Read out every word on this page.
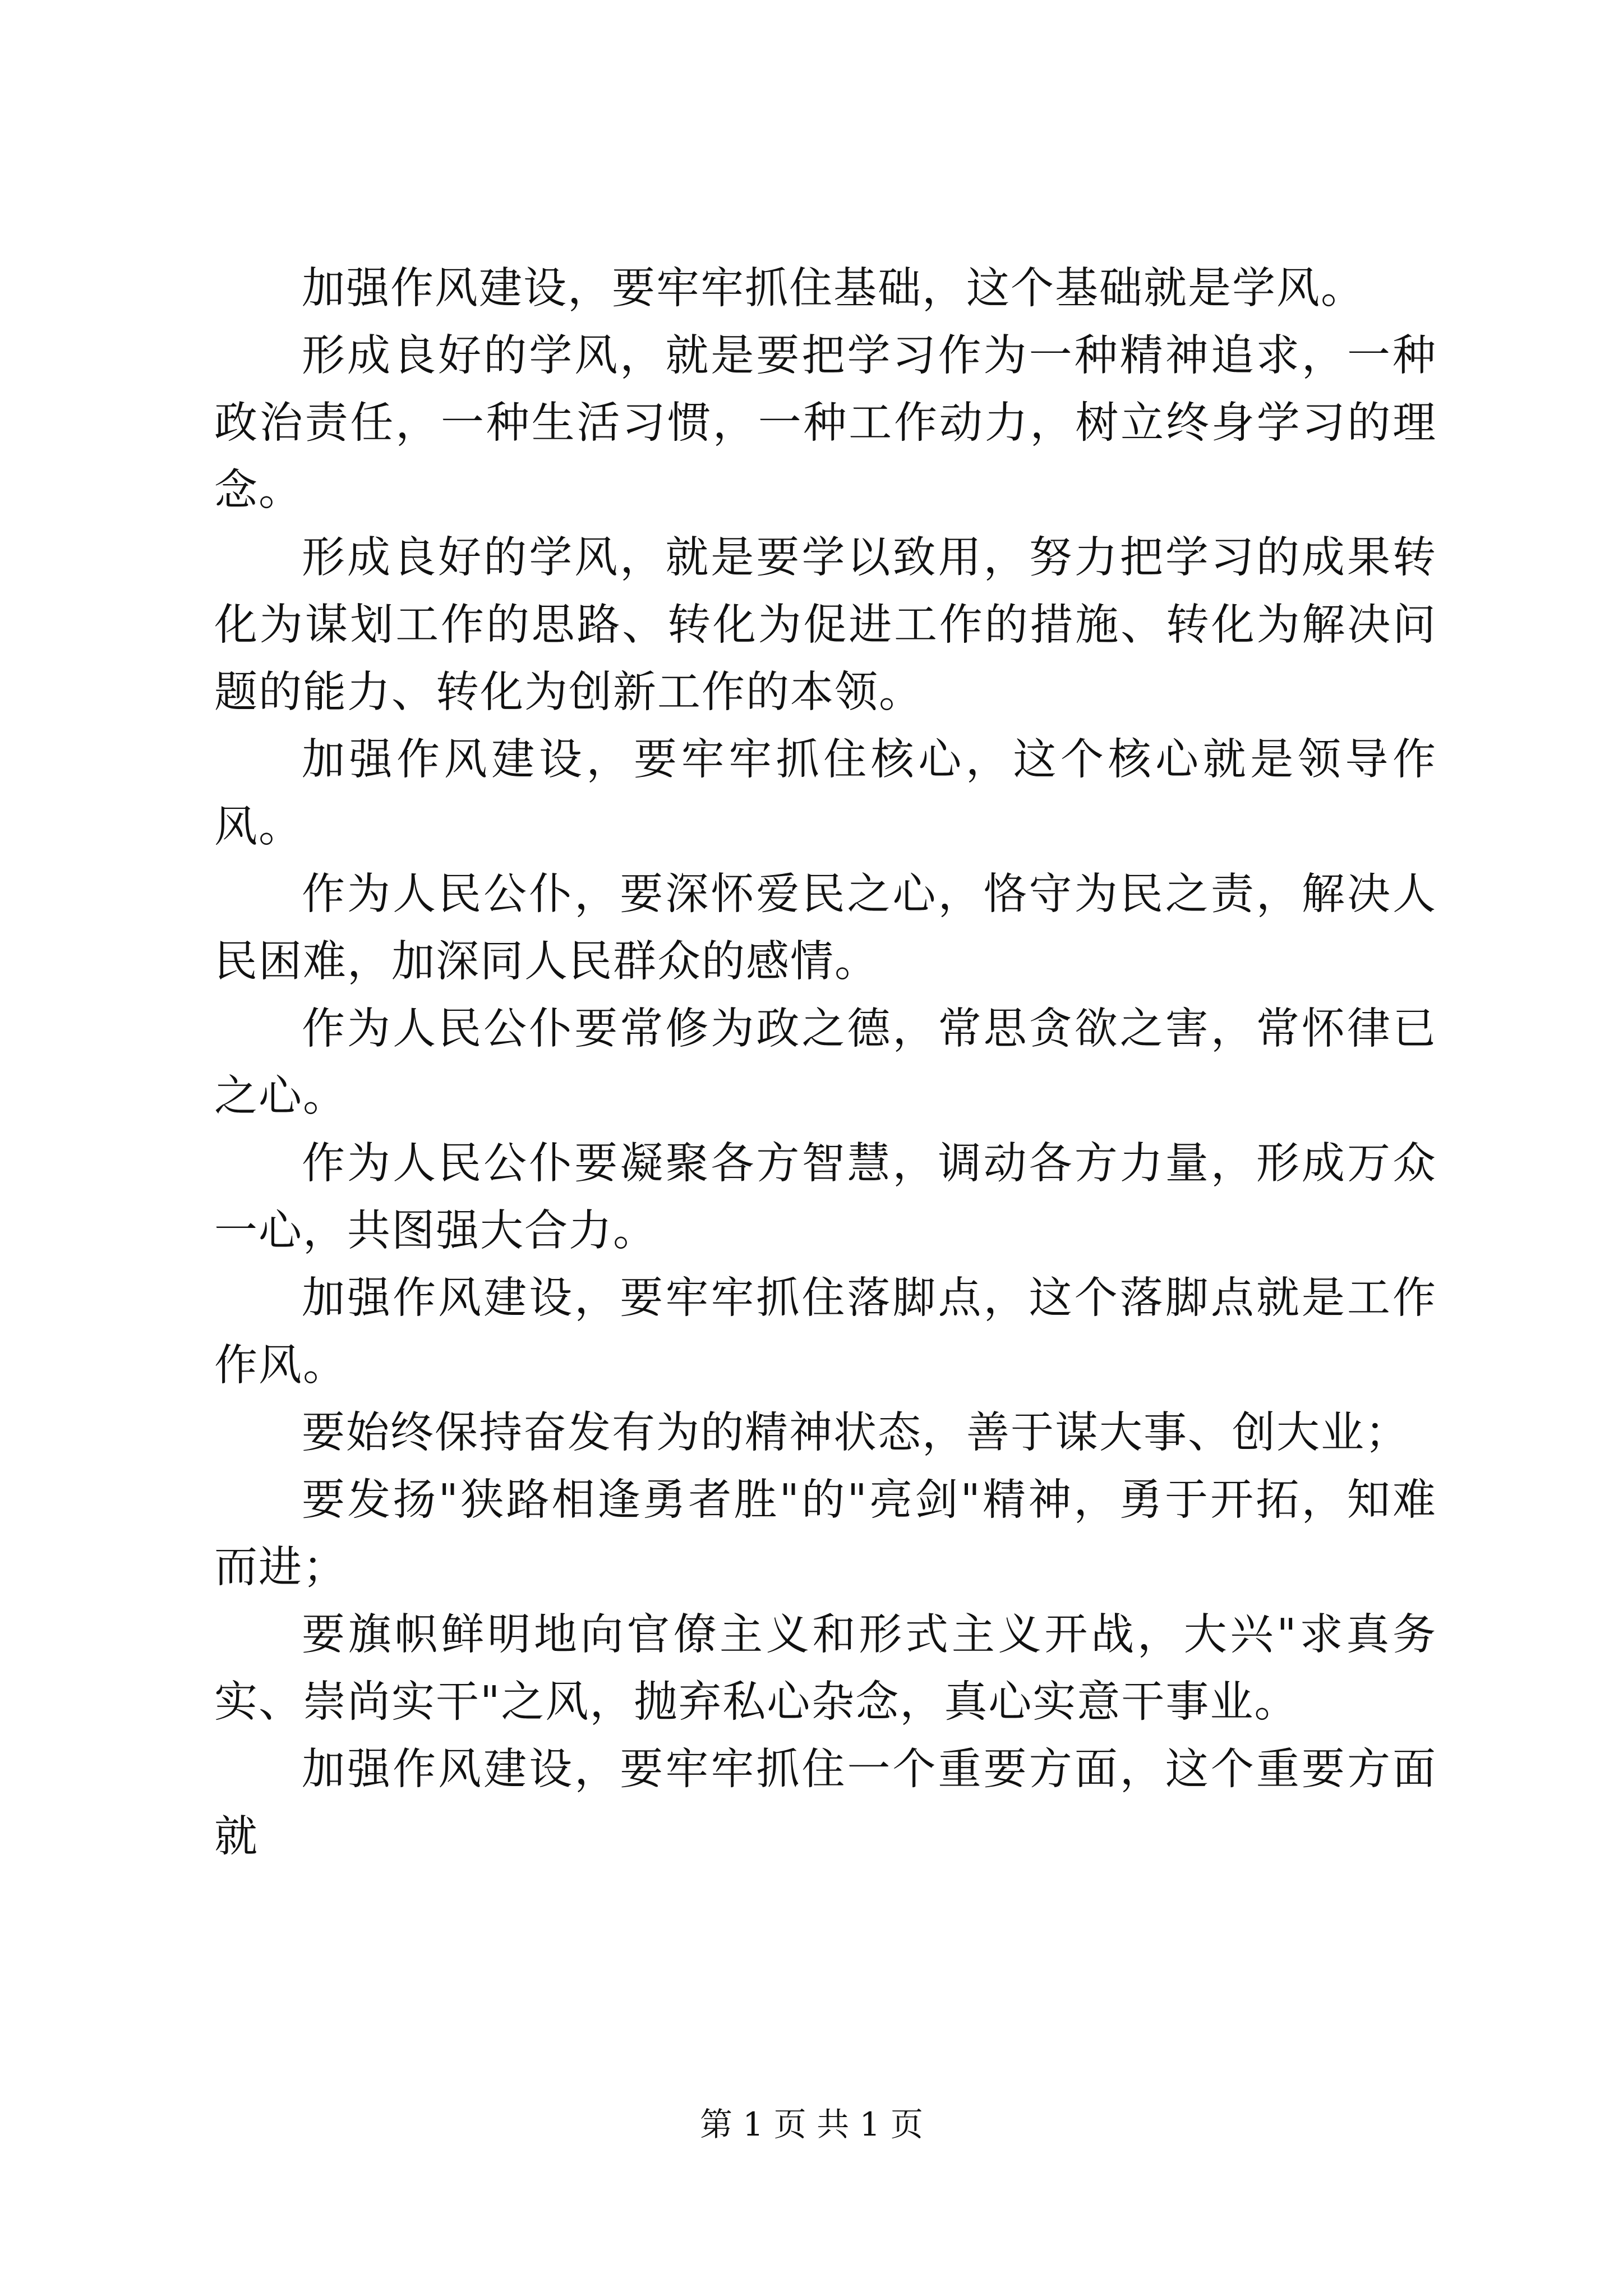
加强作风建设，要牢牢抓住基础，这个基础就是学风。

形成良好的学风，就是要把学习作为一种精神追求，一种政治责任，一种生活习惯，一种工作动力，树立终身学习的理念。

形成良好的学风，就是要学以致用，努力把学习的成果转化为谋划工作的思路、转化为促进工作的措施、转化为解决问题的能力、转化为创新工作的本领。

加强作风建设，要牢牢抓住核心，这个核心就是领导作风。

作为人民公仆，要深怀爱民之心，恪守为民之责，解决人民困难，加深同人民群众的感情。

作为人民公仆要常修为政之德，常思贪欲之害，常怀律已之心。

作为人民公仆要凝聚各方智慧，调动各方力量，形成万众一心，共图强大合力。

加强作风建设，要牢牢抓住落脚点，这个落脚点就是工作作风。

要始终保持奋发有为的精神状态，善于谋大事、创大业；

要发扬"狭路相逢勇者胜"的"亮剑"精神，勇于开拓，知难而进；

要旗帜鲜明地向官僚主义和形式主义开战，大兴"求真务实、崇尚实干"之风，抛弃私心杂念，真心实意干事业。

加强作风建设，要牢牢抓住一个重要方面，这个重要方面就

第 1 页 共 1 页
